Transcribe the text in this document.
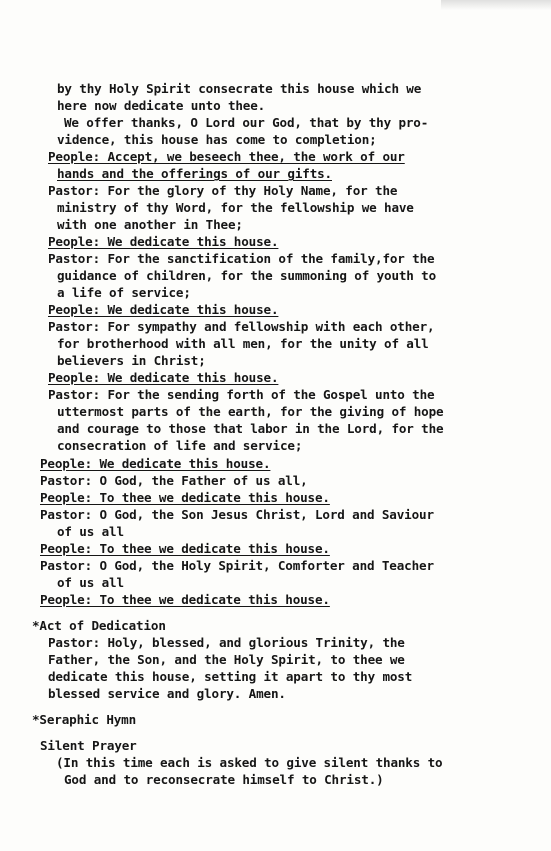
by thy Holy Spirit consecrate this house which we
here now dedicate unto thee.
We offer thanks, O Lord our God, that by thy pro-
vidence, this house has come to completion;
People: Accept, we beseech thee, the work of our
hands and the offerings of our gifts.
Pastor: For the glory of thy Holy Name, for the
ministry of thy Word, for the fellowship we have
with one another in Thee;
People: We dedicate this house.
Pastor: For the sanctification of the family,for the
guidance of children, for the summoning of youth to
a life of service;
People: We dedicate this house.
Pastor: For sympathy and fellowship with each other,
for brotherhood with all men, for the unity of all
believers in Christ;
People: We dedicate this house.
Pastor: For the sending forth of the Gospel unto the
uttermost parts of the earth, for the giving of hope
and courage to those that labor in the Lord, for the
consecration of life and service;
People: We dedicate this house.
Pastor: O God, the Father of us all,
People: To thee we dedicate this house.
Pastor: O God, the Son Jesus Christ, Lord and Saviour
of us all
People: To thee we dedicate this house.
Pastor: O God, the Holy Spirit, Comforter and Teacher
of us all
People: To thee we dedicate this house.
*Act of Dedication
Pastor: Holy, blessed, and glorious Trinity, the
Father, the Son, and the Holy Spirit, to thee we
dedicate this house, setting it apart to thy most
blessed service and glory. Amen.
*Seraphic Hymn
Silent Prayer
(In this time each is asked to give silent thanks to
God and to reconsecrate himself to Christ.)
